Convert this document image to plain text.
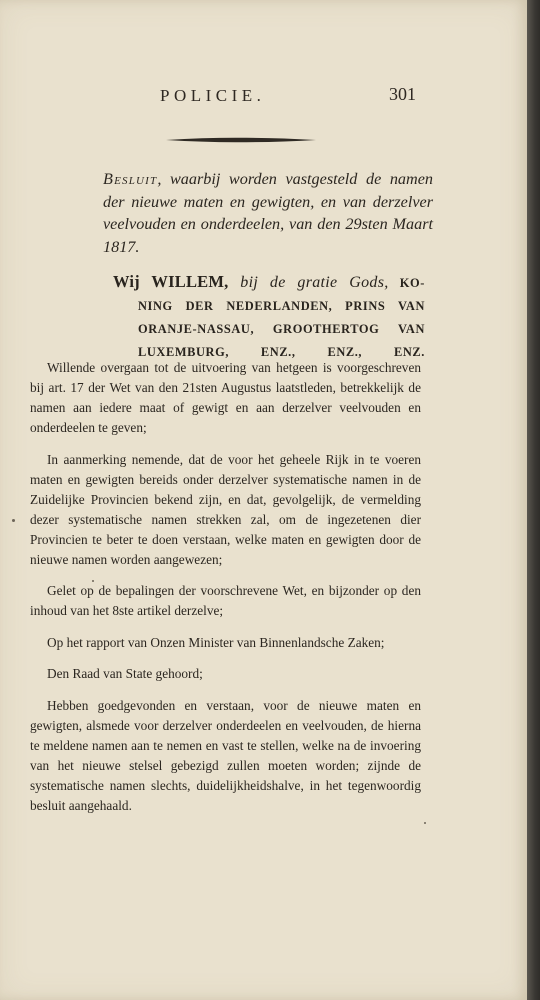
POLICIE.	301
Besluit, waarbij worden vastgesteld de namen der nieuwe maten en gewigten, en van derzelver veelvouden en onderdeelen, van den 29sten Maart 1817.
Wij WILLEM, bij de gratie Gods, KO-
NING DER NEDERLANDEN, PRINS VAN ORANJE-NASSAU, GROOTHERTOG VAN LUXEMBURG, ENZ., ENZ., ENZ.

Willende overgaan tot de uitvoering van hetgeen is voorgeschreven bij art. 17 der Wet van den 21sten Augustus laatstleden, betrekkelijk de namen aan iedere maat of gewigt en aan derzelver veelvouden en onderdeelen te geven;

In aanmerking nemende, dat de voor het geheele Rijk in te voeren maten en gewigten bereids onder derzelver systematische namen in de Zuidelijke Provincien bekend zijn, en dat, gevolgelijk, de vermelding dezer systematische namen strekken zal, om de ingezetenen dier Provincien te beter te doen verstaan, welke maten en gewigten door de nieuwe namen worden aangewezen;

Gelet op de bepalingen der voorschrevene Wet, en bijzonder op den inhoud van het 8ste artikel derzelve;

Op het rapport van Onzen Minister van Binnenlandsche Zaken;

Den Raad van State gehoord;

Hebben goedgevonden en verstaan, voor de nieuwe maten en gewigten, alsmede voor derzelver onderdeelen en veelvouden, de hierna te meldene namen aan te nemen en vast te stellen, welke na de invoering van het nieuwe stelsel gebezigd zullen moeten worden; zijnde de systematische namen slechts, duidelijkheidshalve, in het tegenwoordig besluit aangehaald.
